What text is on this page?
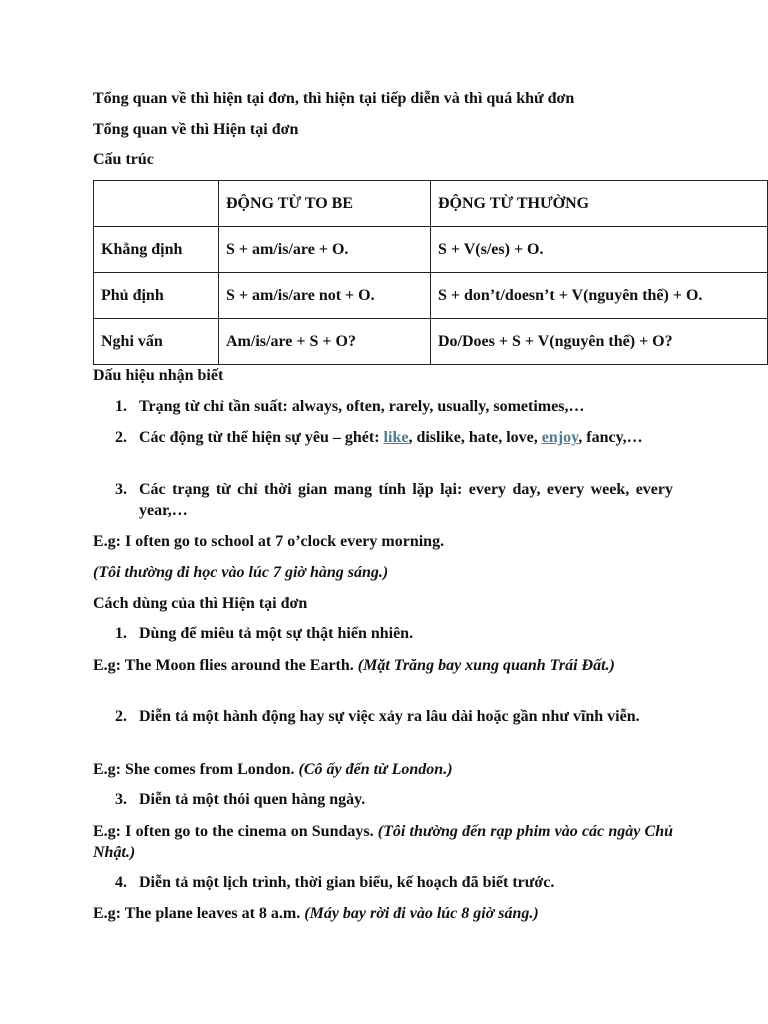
Tổng quan về thì hiện tại đơn, thì hiện tại tiếp diễn và thì quá khứ đơn
Tổng quan về thì Hiện tại đơn
Cấu trúc
	ĐỘNG TỪ TO BE	ĐỘNG TỪ THƯỜNG
Khẳng định	S + am/is/are + O.	S + V(s/es) + O.
Phủ định	S + am/is/are not + O.	S + don’t/doesn’t + V(nguyên thể) + O.
Nghi vấn	Am/is/are + S + O?	Do/Does + S + V(nguyên thể) + O?
Dấu hiệu nhận biết
1. Trạng từ chỉ tần suất: always, often, rarely, usually, sometimes,…
2. Các động từ thể hiện sự yêu – ghét: like, dislike, hate, love, enjoy, fancy,…
3. Các trạng từ chỉ thời gian mang tính lặp lại: every day, every week, every year,…
E.g: I often go to school at 7 o’clock every morning.
(Tôi thường đi học vào lúc 7 giờ hàng sáng.)
Cách dùng của thì Hiện tại đơn
1. Dùng để miêu tả một sự thật hiển nhiên.
E.g: The Moon flies around the Earth. (Mặt Trăng bay xung quanh Trái Đất.)
2. Diễn tả một hành động hay sự việc xảy ra lâu dài hoặc gần như vĩnh viễn.
E.g: She comes from London. (Cô ấy đến từ London.)
3. Diễn tả một thói quen hàng ngày.
E.g: I often go to the cinema on Sundays. (Tôi thường đến rạp phim vào các ngày Chủ Nhật.)
4. Diễn tả một lịch trình, thời gian biểu, kế hoạch đã biết trước.
E.g: The plane leaves at 8 a.m. (Máy bay rời đi vào lúc 8 giờ sáng.)
